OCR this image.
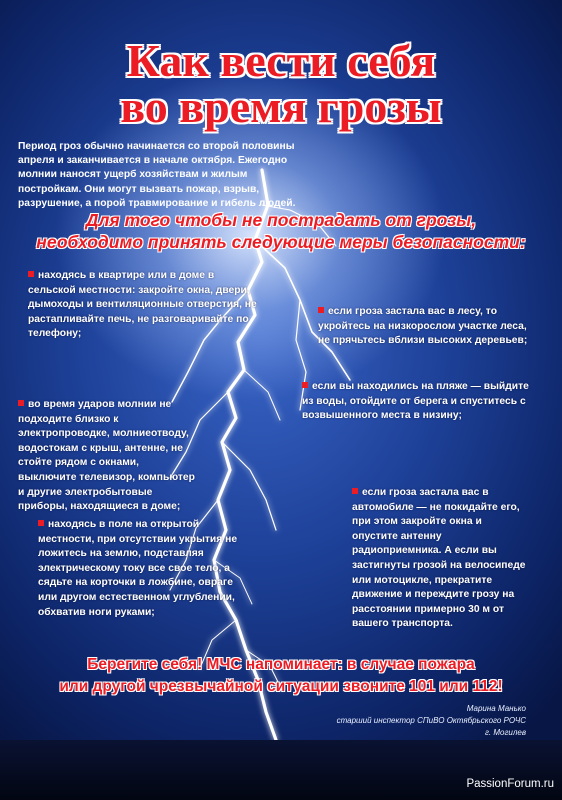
Как вести себя
во время грозы
Период гроз обычно начинается со второй половины апреля и заканчивается в начале октября. Ежегодно молнии наносят ущерб хозяйствам и жилым постройкам. Они могут вызвать пожар, взрыв, разрушение, а порой травмирование и гибель людей.
Для того чтобы не пострадать от грозы,
необходимо принять следующие меры безопасности:
находясь в квартире или в доме в сельской местности: закройте окна, двери, дымоходы и вентиляционные отверстия, не растапливайте печь, не разговаривайте по телефону;
если гроза застала вас в лесу, то укройтесь на низкорослом участке леса, не прячьтесь вблизи высоких деревьев;
если вы находились на пляже — выйдите из воды, отойдите от берега и спуститесь с возвышенного места в низину;
во время ударов молнии не подходите близко к электропроводке, молниеотводу, водостокам с крыш, антенне, не стойте рядом с окнами, выключите телевизор, компьютер и другие электробытовые приборы, находящиеся в доме;
если гроза застала вас в автомобиле — не покидайте его, при этом закройте окна и опустите антенну радиоприемника. А если вы застигнуты грозой на велосипеде или мотоцикле, прекратите движение и переждите грозу на расстоянии примерно 30 м от вашего транспорта.
находясь в поле на открытой местности, при отсутствии укрытия не ложитесь на землю, подставляя электрическому току все свое тело, а сядьте на корточки в ложбине, овраге или другом естественном углублении, обхватив ноги руками;
Берегите себя! МЧС напоминает: в случае пожара
или другой чрезвычайной ситуации звоните 101 или 112!
Марина Манько
старший инспектор СПиВО Октябрьского РОЧС
г. Могилев
PassionForum.ru
